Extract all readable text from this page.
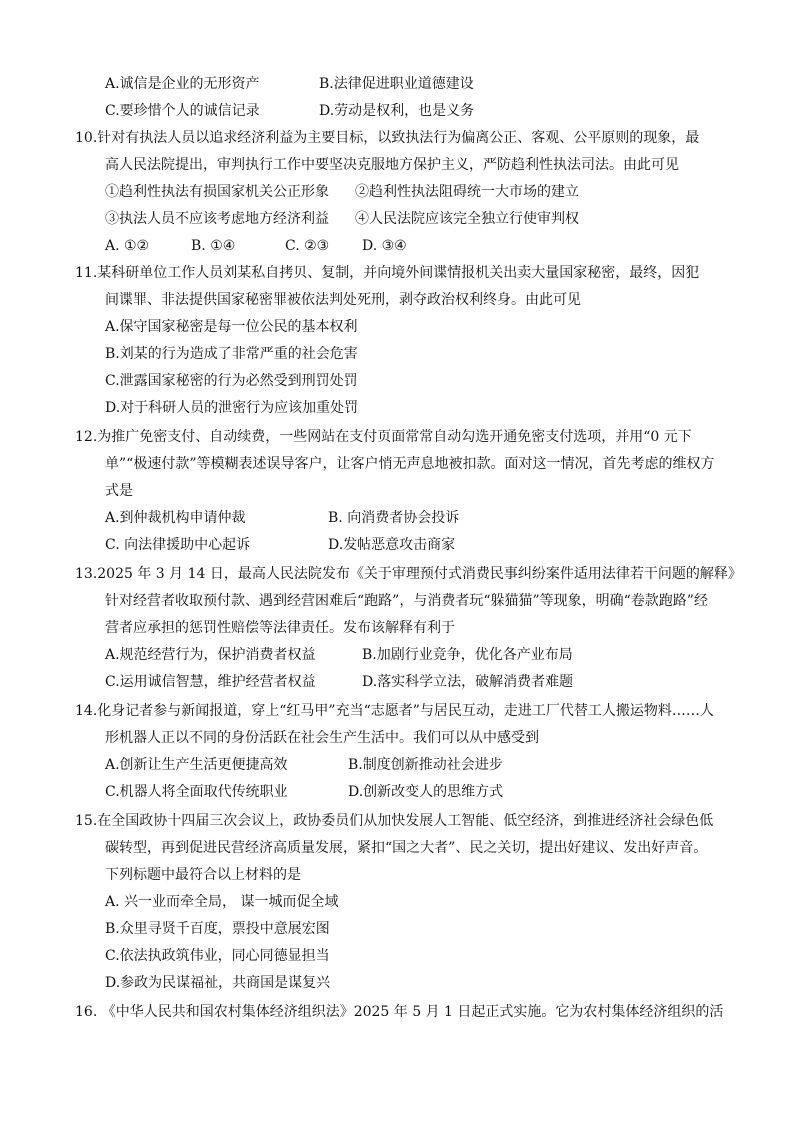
A.诚信是企业的无形资产	B.法律促进职业道德建设
C.要珍惜个人的诚信记录	D.劳动是权利，也是义务
10.针对有执法人员以追求经济利益为主要目标，以致执法行为偏离公正、客观、公平原则的现象，最
高人民法院提出，审判执行工作中要坚决克服地方保护主义，严防趋利性执法司法。由此可见
①趋利性执法有损国家机关公正形象 ②趋利性执法阻碍统一大市场的建立
③执法人员不应该考虑地方经济利益 ④人民法院应该完全独立行使审判权
A. ①②	B. ①④	C. ②③ D. ③④
11.某科研单位工作人员刘某私自拷贝、复制，并向境外间谍情报机关出卖大量国家秘密，最终，因犯
间谍罪、非法提供国家秘密罪被依法判处死刑，剥夺政治权利终身。由此可见
A.保守国家秘密是每一位公民的基本权利
B.刘某的行为造成了非常严重的社会危害
C.泄露国家秘密的行为必然受到刑罚处罚
D.对于科研人员的泄密行为应该加重处罚
12.为推广免密支付、自动续费，一些网站在支付页面常常自动勾选开通免密支付选项，并用“0 元下
单”“极速付款”等模糊表述误导客户，让客户悄无声息地被扣款。面对这一情况，首先考虑的维权方
式是
A.到仲裁机构申请仲裁	B. 向消费者协会投诉
C. 向法律援助中心起诉	D.发帖恶意攻击商家
13.2025 年 3 月 14 日，最高人民法院发布《关于审理预付式消费民事纠纷案件适用法律若干问题的解释》
针对经营者收取预付款、遇到经营困难后“跑路”，与消费者玩“躲猫猫”等现象，明确“卷款跑路”经
营者应承担的惩罚性赔偿等法律责任。发布该解释有利于
A.规范经营行为，保护消费者权益	B.加剧行业竞争，优化各产业布局
C.运用诚信智慧，维护经营者权益	D.落实科学立法，破解消费者难题
14.化身记者参与新闻报道，穿上“红马甲”充当“志愿者”与居民互动，走进工厂代替工人搬运物料……人
形机器人正以不同的身份活跃在社会生产生活中。我们可以从中感受到
A.创新让生产生活更便捷高效	B.制度创新推动社会进步
C.机器人将全面取代传统职业	D.创新改变人的思维方式
15.在全国政协十四届三次会议上，政协委员们从加快发展人工智能、低空经济，到推进经济社会绿色低
碳转型，再到促进民营经济高质量发展，紧扣“国之大者”、民之关切，提出好建议、发出好声音。
下列标题中最符合以上材料的是
A. 兴一业而牵全局， 谋一城而促全域
B.众里寻贤千百度，票投中意展宏图
C.依法执政筑伟业，同心同德显担当
D.参政为民谋福祉，共商国是谋复兴
16. 《中华人民共和国农村集体经济组织法》2025 年 5 月 1 日起正式实施。它为农村集体经济组织的活
